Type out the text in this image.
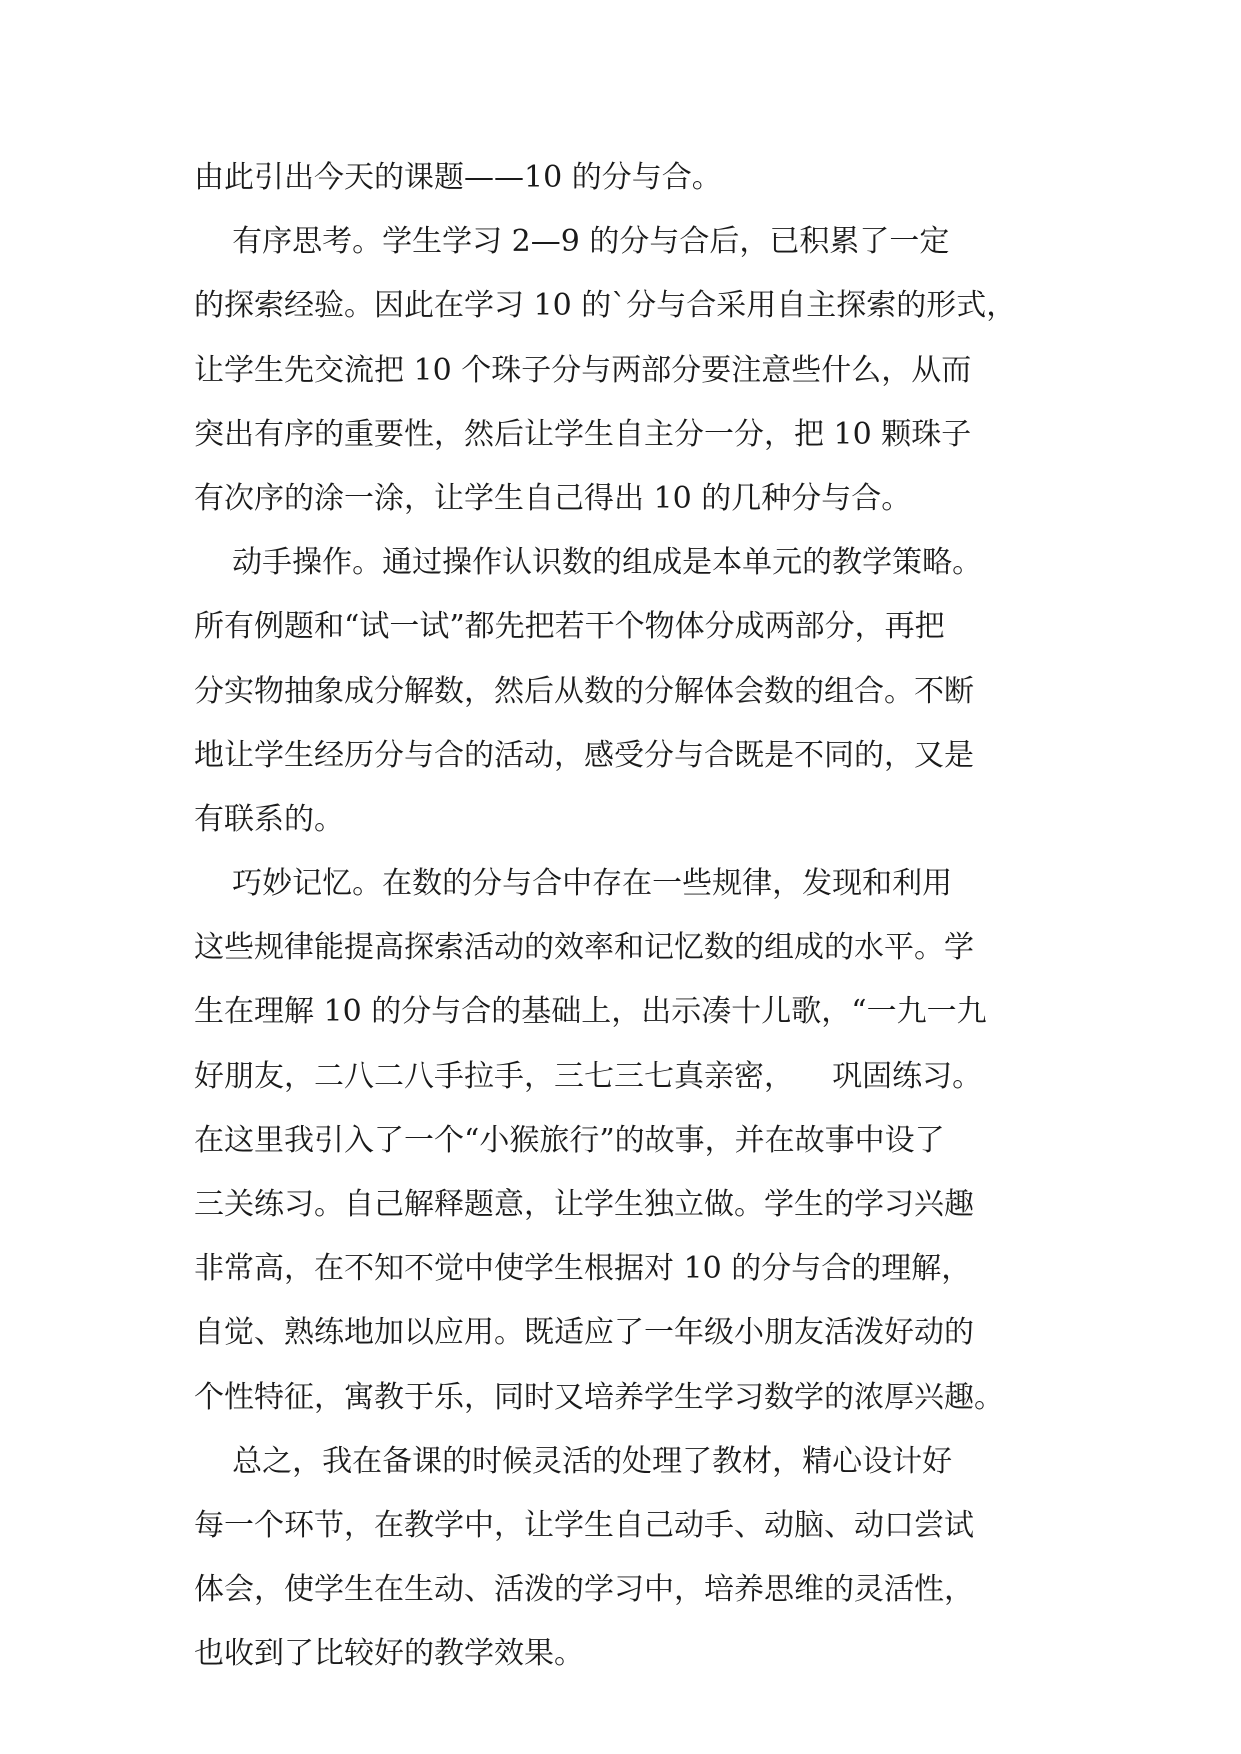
由此引出今天的课题——10 的分与合。
有序思考。学生学习 2—9 的分与合后，已积累了一定
的探索经验。因此在学习 10 的`分与合采用自主探索的形式，
让学生先交流把 10 个珠子分与两部分要注意些什么，从而
突出有序的重要性，然后让学生自主分一分，把 10 颗珠子
有次序的涂一涂，让学生自己得出 10 的几种分与合。
动手操作。通过操作认识数的组成是本单元的教学策略。
所有例题和“试一试”都先把若干个物体分成两部分，再把
分实物抽象成分解数，然后从数的分解体会数的组合。不断
地让学生经历分与合的活动，感受分与合既是不同的，又是
有联系的。
巧妙记忆。在数的分与合中存在一些规律，发现和利用
这些规律能提高探索活动的效率和记忆数的组成的水平。学
生在理解 10 的分与合的基础上，出示凑十儿歌，“一九一九
好朋友，二八二八手拉手，三七三七真亲密，    巩固练习。
在这里我引入了一个“小猴旅行”的故事，并在故事中设了
三关练习。自己解释题意，让学生独立做。学生的学习兴趣
非常高，在不知不觉中使学生根据对 10 的分与合的理解，
自觉、熟练地加以应用。既适应了一年级小朋友活泼好动的
个性特征，寓教于乐，同时又培养学生学习数学的浓厚兴趣。
总之，我在备课的时候灵活的处理了教材，精心设计好
每一个环节，在教学中，让学生自己动手、动脑、动口尝试
体会，使学生在生动、活泼的学习中，培养思维的灵活性，
也收到了比较好的教学效果。
